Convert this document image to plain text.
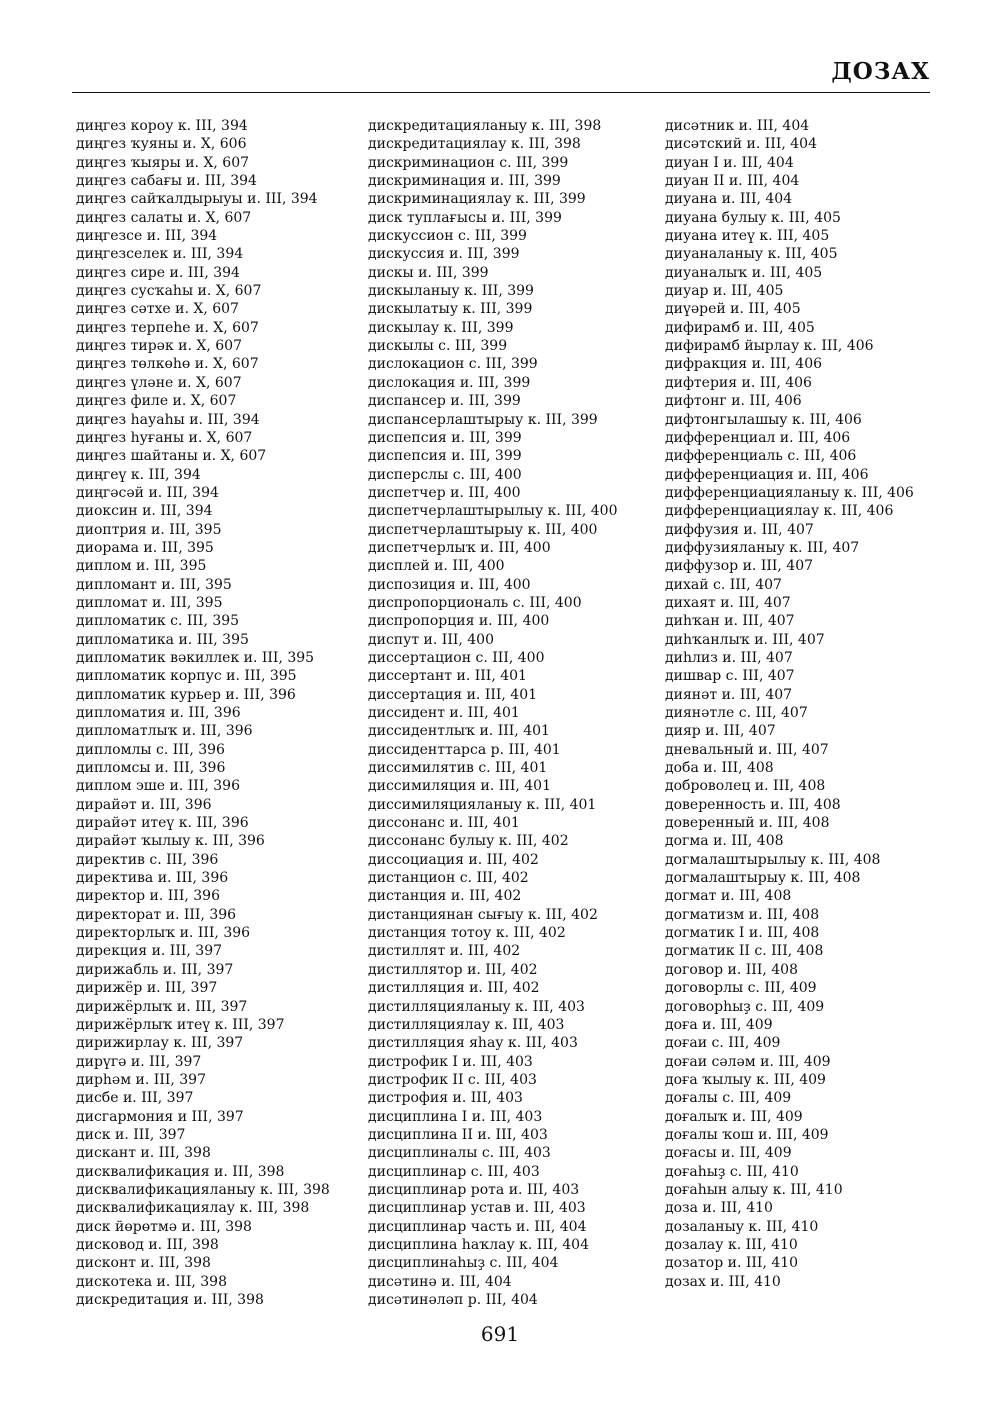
ДОЗАХ
диңгез короу к. III, 394
диңгез ҡуяны и. X, 606
диңгез ҡыяры и. X, 607
диңгез сабағы и. III, 394
диңгез сайҡалдырыуы и. III, 394
диңгез салаты и. X, 607
диңгезсе и. III, 394
диңгезселек и. III, 394
диңгез сире и. III, 394
диңгез сусҡаһы и. X, 607
диңгез сәтхе и. X, 607
диңгез терпеһе и. X, 607
диңгез тирәк и. X, 607
диңгез төлкөһө и. X, 607
диңгез үләне и. X, 607
диңгез филе и. X, 607
диңгез һауаһы и. III, 394
диңгез һуғаны и. X, 607
диңгез шайтаны и. X, 607
диңгеү к. III, 394
диңгәсәй и. III, 394
диоксин и. III, 394
диоптрия и. III, 395
диорама и. III, 395
диплом и. III, 395
дипломант и. III, 395
дипломат и. III, 395
дипломатик с. III, 395
дипломатика и. III, 395
дипломатик вәкиллек и. III, 395
дипломатик корпус и. III, 395
дипломатик курьер и. III, 396
дипломатия и. III, 396
дипломатлыҡ и. III, 396
дипломлы с. III, 396
дипломсы и. III, 396
диплом эше и. III, 396
дирайәт и. III, 396
дирайәт итеү к. III, 396
дирайәт ҡылыу к. III, 396
директив с. III, 396
директива и. III, 396
директор и. III, 396
директорат и. III, 396
директорлыҡ и. III, 396
дирекция и. III, 397
дирижабль и. III, 397
дирижёр и. III, 397
дирижёрлыҡ и. III, 397
дирижёрлыҡ итеү к. III, 397
дирижирлау к. III, 397
дирүгә и. III, 397
дирһәм и. III, 397
дисбе и. III, 397
дисгармония и III, 397
диск и. III, 397
дискант и. III, 398
дисквалификация и. III, 398
дисквалификацияланыу к. III, 398
дисквалификациялау к. III, 398
диск йөрөтмә и. III, 398
дисковод и. III, 398
дисконт и. III, 398
дискотека и. III, 398
дискредитация и. III, 398
дискредитацияланыу к. III, 398
дискредитациялау к. III, 398
дискриминацион с. III, 399
дискриминация и. III, 399
дискриминациялау к. III, 399
диск туплағысы и. III, 399
дискуссион с. III, 399
дискуссия и. III, 399
дискы и. III, 399
дискыланыу к. III, 399
дискылатыу к. III, 399
дискылау к. III, 399
дискылы с. III, 399
дислокацион с. III, 399
дислокация и. III, 399
диспансер и. III, 399
диспансерлаштырыу к. III, 399
диспепсия и. III, 399
диспепсия и. III, 399
дисперслы с. III, 400
диспетчер и. III, 400
диспетчерлаштырылыу к. III, 400
диспетчерлаштырыу к. III, 400
диспетчерлыҡ и. III, 400
дисплей и. III, 400
диспозиция и. III, 400
диспропорциональ с. III, 400
диспропорция и. III, 400
диспут и. III, 400
диссертацион с. III, 400
диссертант и. III, 401
диссертация и. III, 401
диссидент и. III, 401
диссидентлыҡ и. III, 401
диссиденттарса р. III, 401
диссимилятив с. III, 401
диссимиляция и. III, 401
диссимиляцияланыу к. III, 401
диссонанс и. III, 401
диссонанс булыу к. III, 402
диссоциация и. III, 402
дистанцион с. III, 402
дистанция и. III, 402
дистанциянан сығыу к. III, 402
дистанция тотоу к. III, 402
дистиллят и. III, 402
дистиллятор и. III, 402
дистилляция и. III, 402
дистилляцияланыу к. III, 403
дистилляциялау к. III, 403
дистилляция яһау к. III, 403
дистрофик I и. III, 403
дистрофик II с. III, 403
дистрофия и. III, 403
дисциплина I и. III, 403
дисциплина II и. III, 403
дисциплиналы с. III, 403
дисциплинар с. III, 403
дисциплинар рота и. III, 403
дисциплинар устав и. III, 403
дисциплинар часть и. III, 404
дисциплина һаҡлау к. III, 404
дисциплинаһыҙ с. III, 404
дисәтинә и. III, 404
дисәтинәләп р. III, 404
дисәтник и. III, 404
дисәтский и. III, 404
диуан I и. III, 404
диуан II и. III, 404
диуана и. III, 404
диуана булыу к. III, 405
диуана итеү к. III, 405
диуаналаныу к. III, 405
диуаналыҡ и. III, 405
диуар и. III, 405
диүәрей и. III, 405
дифирамб и. III, 405
дифирамб йырлау к. III, 406
дифракция и. III, 406
дифтерия и. III, 406
дифтонг и. III, 406
дифтонгылашыу к. III, 406
дифференциал и. III, 406
дифференциаль с. III, 406
дифференциация и. III, 406
дифференциацияланыу к. III, 406
дифференциациялау к. III, 406
диффузия и. III, 407
диффузияланыу к. III, 407
диффузор и. III, 407
дихай с. III, 407
дихаят и. III, 407
диһҡан и. III, 407
диһҡанлыҡ и. III, 407
диһлиз и. III, 407
дишвар с. III, 407
диянәт и. III, 407
диянәтле с. III, 407
дияр и. III, 407
дневальный и. III, 407
доба и. III, 408
доброволец и. III, 408
доверенность и. III, 408
доверенный и. III, 408
догма и. III, 408
догмалаштырылыу к. III, 408
догмалаштырыу к. III, 408
догмат и. III, 408
догматизм и. III, 408
догматик I и. III, 408
догматик II с. III, 408
договор и. III, 408
договорлы с. III, 409
договорһыҙ с. III, 409
доға и. III, 409
доғаи с. III, 409
доғаи сәләм и. III, 409
доға ҡылыу к. III, 409
доғалы с. III, 409
доғалыҡ и. III, 409
доғалы ҡош и. III, 409
доғасы и. III, 409
доғаһыҙ с. III, 410
доғаһын алыу к. III, 410
доза и. III, 410
дозаланыу к. III, 410
дозалау к. III, 410
дозатор и. III, 410
дозах и. III, 410
691
